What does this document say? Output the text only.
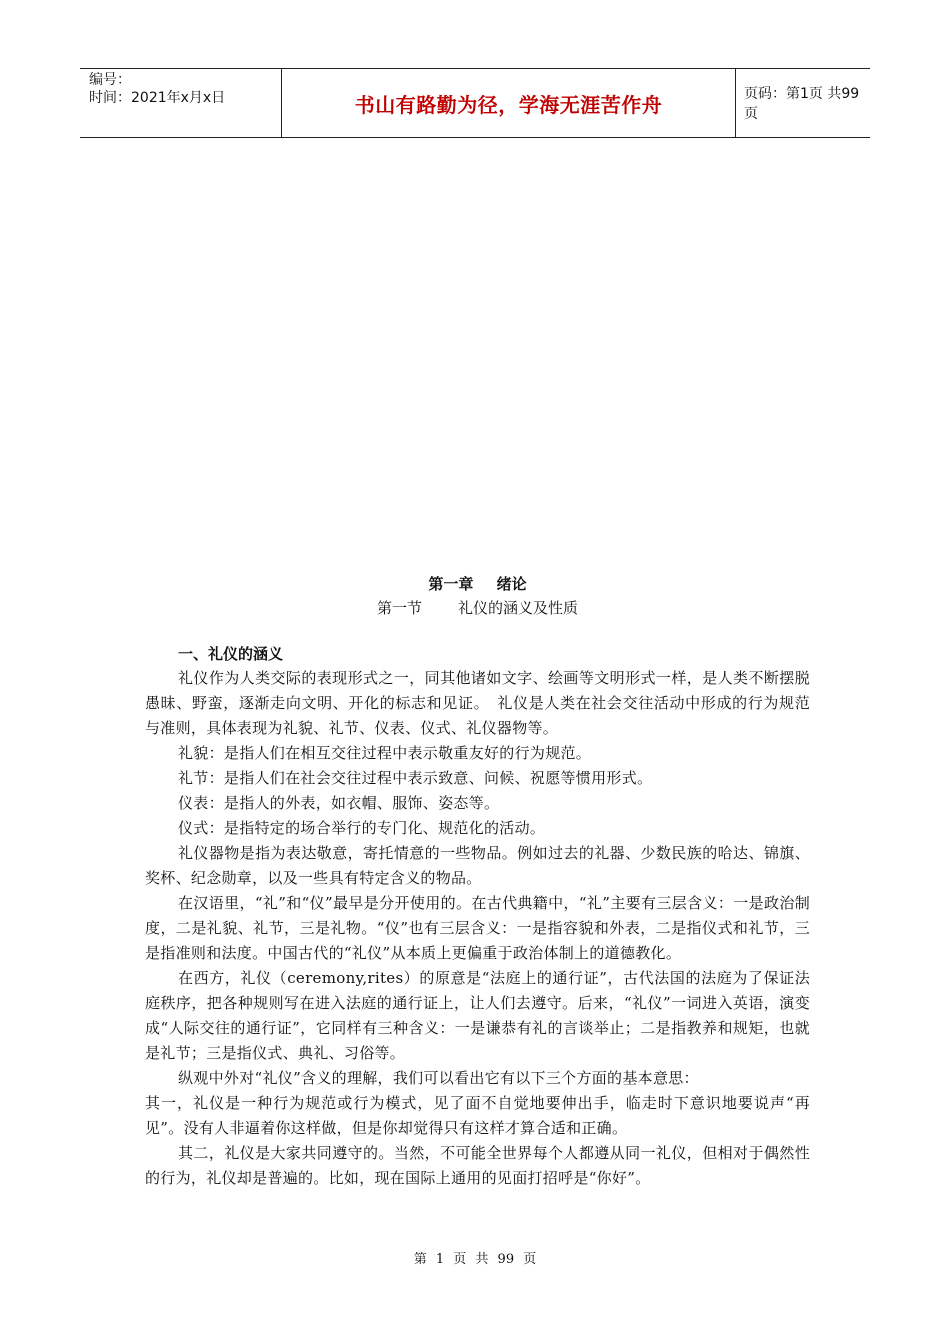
编号：
时间：2021年x月x日	书山有路勤为径，学海无涯苦作舟	页码：第1页 共99页
第一章 绪论
第一节 礼仪的涵义及性质
一、礼仪的涵义

礼仪作为人类交际的表现形式之一，同其他诸如文字、绘画等文明形式一样，是人类不断摆脱愚昧、野蛮，逐渐走向文明、开化的标志和见证。　礼仪是人类在社会交往活动中形成的行为规范与准则，具体表现为礼貌、礼节、仪表、仪式、礼仪器物等。

礼貌：是指人们在相互交往过程中表示敬重友好的行为规范。

礼节：是指人们在社会交往过程中表示致意、问候、祝愿等惯用形式。

仪表：是指人的外表，如衣帽、服饰、姿态等。

仪式：是指特定的场合举行的专门化、规范化的活动。

礼仪器物是指为表达敬意，寄托情意的一些物品。例如过去的礼器、少数民族的哈达、锦旗、奖杯、纪念勋章，以及一些具有特定含义的物品。

在汉语里，“礼”和“仪”最早是分开使用的。在古代典籍中，“礼”主要有三层含义：一是政治制度，二是礼貌、礼节，三是礼物。“仪”也有三层含义：一是指容貌和外表，二是指仪式和礼节，三是指准则和法度。中国古代的“礼仪”从本质上更偏重于政治体制上的道德教化。

在西方，礼仪（ceremony,rites）的原意是“法庭上的通行证”，古代法国的法庭为了保证法庭秩序，把各种规则写在进入法庭的通行证上，让人们去遵守。后来，“礼仪”一词进入英语，演变成“人际交往的通行证”，它同样有三种含义：一是谦恭有礼的言谈举止；二是指教养和规矩，也就是礼节；三是指仪式、典礼、习俗等。

纵观中外对“礼仪”含义的理解，我们可以看出它有以下三个方面的基本意思：

其一，礼仪是一种行为规范或行为模式，见了面不自觉地要伸出手，临走时下意识地要说声“再见”。没有人非逼着你这样做，但是你却觉得只有这样才算合适和正确。

其二，礼仪是大家共同遵守的。当然，不可能全世界每个人都遵从同一礼仪，但相对于偶然性的行为，礼仪却是普遍的。比如，现在国际上通用的见面打招呼是“你好”。

第 1 页 共 99 页
